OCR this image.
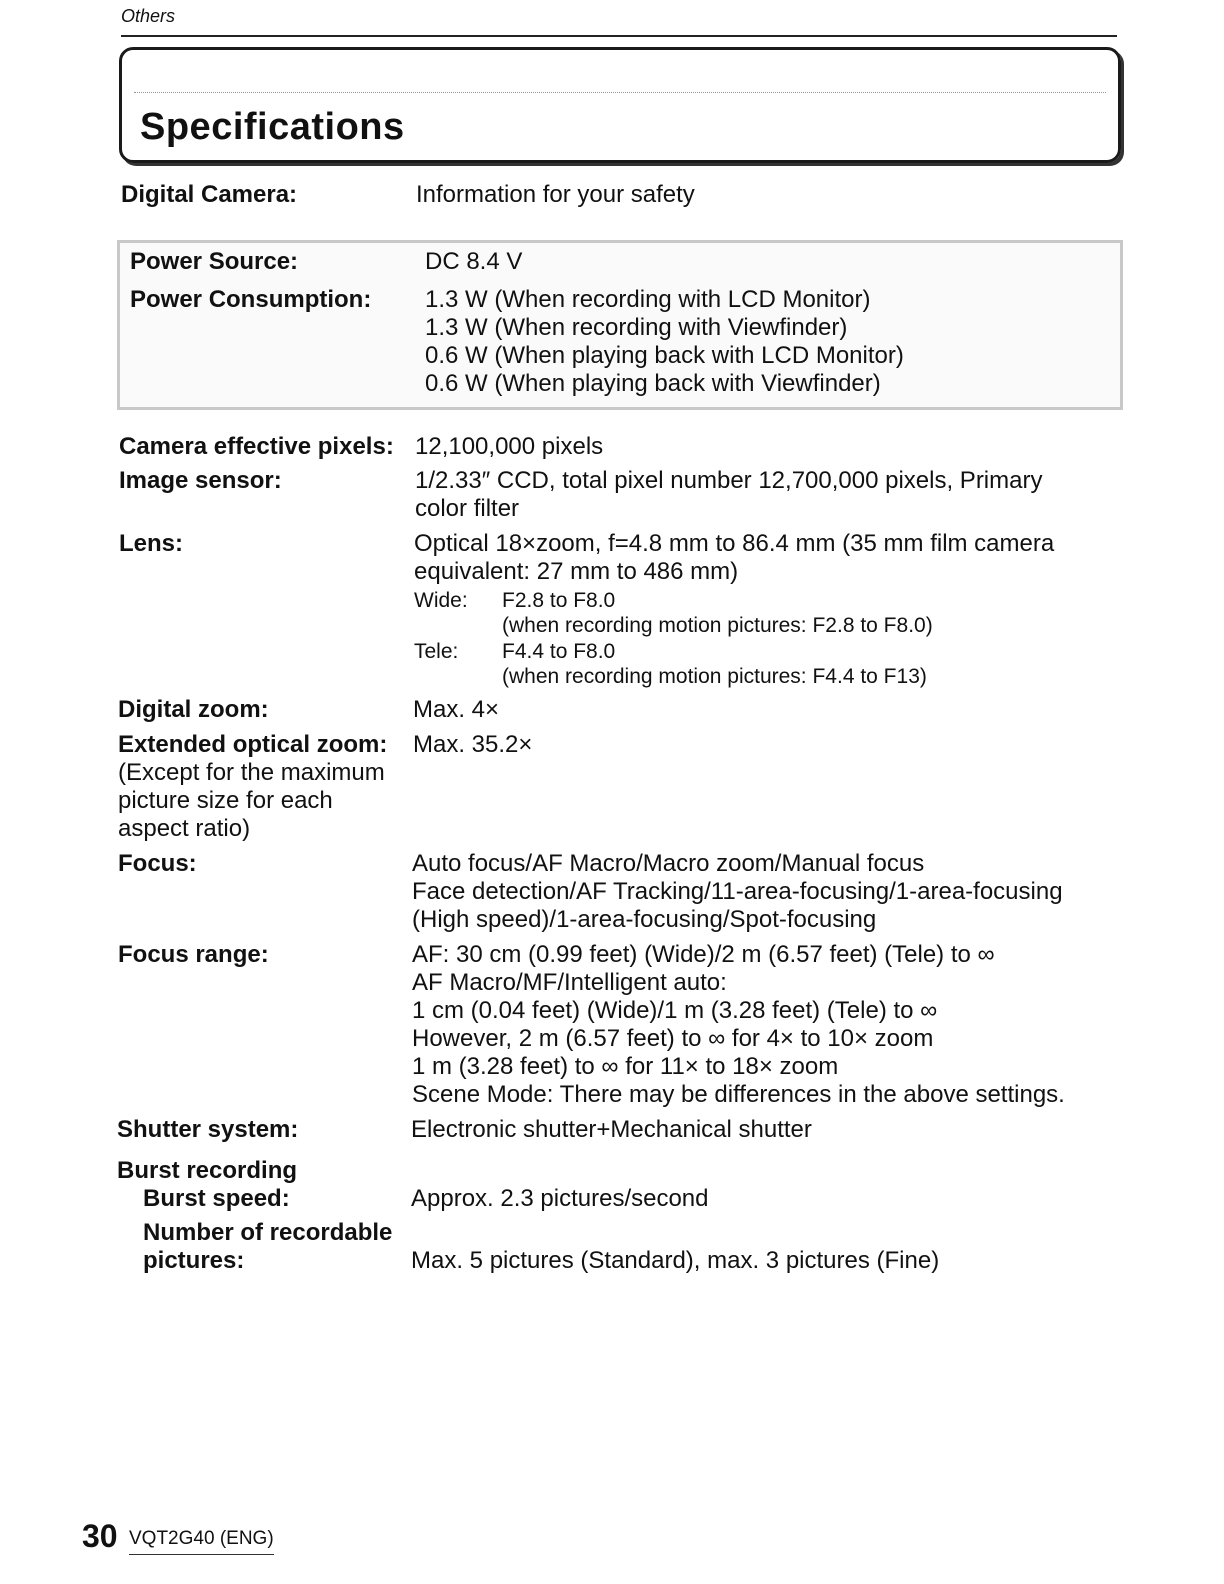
Others
Specifications
Digital Camera:	Information for your safety
Power Source:	DC 8.4 V
Power Consumption: 1.3 W (When recording with LCD Monitor)
1.3 W (When recording with Viewfinder)
0.6 W (When playing back with LCD Monitor)
0.6 W (When playing back with Viewfinder)
Camera effective pixels: 12,100,000 pixels
Image sensor:	1/2.33″ CCD, total pixel number 12,700,000 pixels, Primary
color filter
Lens:	Optical 18×zoom, f=4.8 mm to 86.4 mm (35 mm film camera
equivalent: 27 mm to 486 mm)
Wide: F2.8 to F8.0
(when recording motion pictures: F2.8 to F8.0)
Tele: F4.4 to F8.0
(when recording motion pictures: F4.4 to F13)
Digital zoom:	Max. 4×
Extended optical zoom: Max. 35.2×
(Except for the maximum
picture size for each
aspect ratio)
Focus:	Auto focus/AF Macro/Macro zoom/Manual focus
Face detection/AF Tracking/11-area-focusing/1-area-focusing
(High speed)/1-area-focusing/Spot-focusing
Focus range:	AF: 30 cm (0.99 feet) (Wide)/2 m (6.57 feet) (Tele) to ∞
AF Macro/MF/Intelligent auto:
1 cm (0.04 feet) (Wide)/1 m (3.28 feet) (Tele) to ∞
However, 2 m (6.57 feet) to ∞ for 4× to 10× zoom
1 m (3.28 feet) to ∞ for 11× to 18× zoom
Scene Mode: There may be differences in the above settings.
Shutter system:	Electronic shutter+Mechanical shutter
Burst recording
Burst speed:	Approx. 2.3 pictures/second
Number of recordable
pictures:	Max. 5 pictures (Standard), max. 3 pictures (Fine)
30 VQT2G40 (ENG)
